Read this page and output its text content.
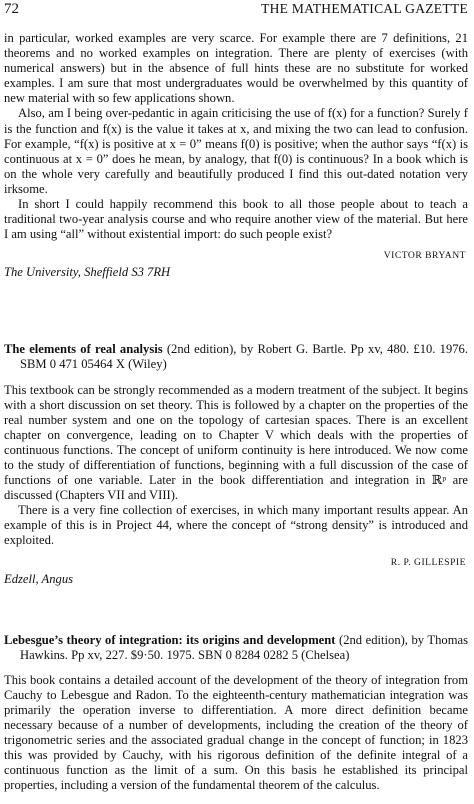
72	THE MATHEMATICAL GAZETTE

in particular, worked examples are very scarce. For example there are 7 definitions, 21 theorems and no worked examples on integration. There are plenty of exercises (with numerical answers) but in the absence of full hints these are no substitute for worked examples. I am sure that most undergraduates would be overwhelmed by this quantity of new material with so few applications shown.

Also, am I being over-pedantic in again criticising the use of f(x) for a function? Surely f is the function and f(x) is the value it takes at x, and mixing the two can lead to confusion. For example, “f(x) is positive at x = 0” means f(0) is positive; when the author says “f(x) is continuous at x = 0” does he mean, by analogy, that f(0) is continuous? In a book which is on the whole very carefully and beautifully produced I find this out-dated notation very irksome.

In short I could happily recommend this book to all those people about to teach a traditional two-year analysis course and who require another view of the material. But here I am using “all” without existential import: do such people exist?

VICTOR BRYANT
The University, Sheffield S3 7RH

The elements of real analysis (2nd edition), by Robert G. Bartle. Pp xv, 480. £10. 1976. SBM 0 471 05464 X (Wiley)

This textbook can be strongly recommended as a modern treatment of the subject. It begins with a short discussion on set theory. This is followed by a chapter on the properties of the real number system and one on the topology of cartesian spaces. There is an excellent chapter on convergence, leading on to Chapter V which deals with the properties of continuous functions. The concept of uniform continuity is here introduced. We now come to the study of differentiation of functions, beginning with a full discussion of the case of functions of one variable. Later in the book differentiation and integration in ℝᵖ are discussed (Chapters VII and VIII).

There is a very fine collection of exercises, in which many important results appear. An example of this is in Project 44, where the concept of “strong density” is introduced and exploited.

R. P. GILLESPIE
Edzell, Angus

Lebesgue’s theory of integration: its origins and development (2nd edition), by Thomas Hawkins. Pp xv, 227. $9·50. 1975. SBN 0 8284 0282 5 (Chelsea)

This book contains a detailed account of the development of the theory of integration from Cauchy to Lebesgue and Radon. To the eighteenth-century mathematician integration was primarily the operation inverse to differentiation. A more direct definition became necessary because of a number of developments, including the creation of the theory of trigonometric series and the associated gradual change in the concept of function; in 1823 this was provided by Cauchy, with his rigorous definition of the definite integral of a continuous function as the limit of a sum. On this basis he established its principal properties, including a version of the fundamental theorem of the calculus.
